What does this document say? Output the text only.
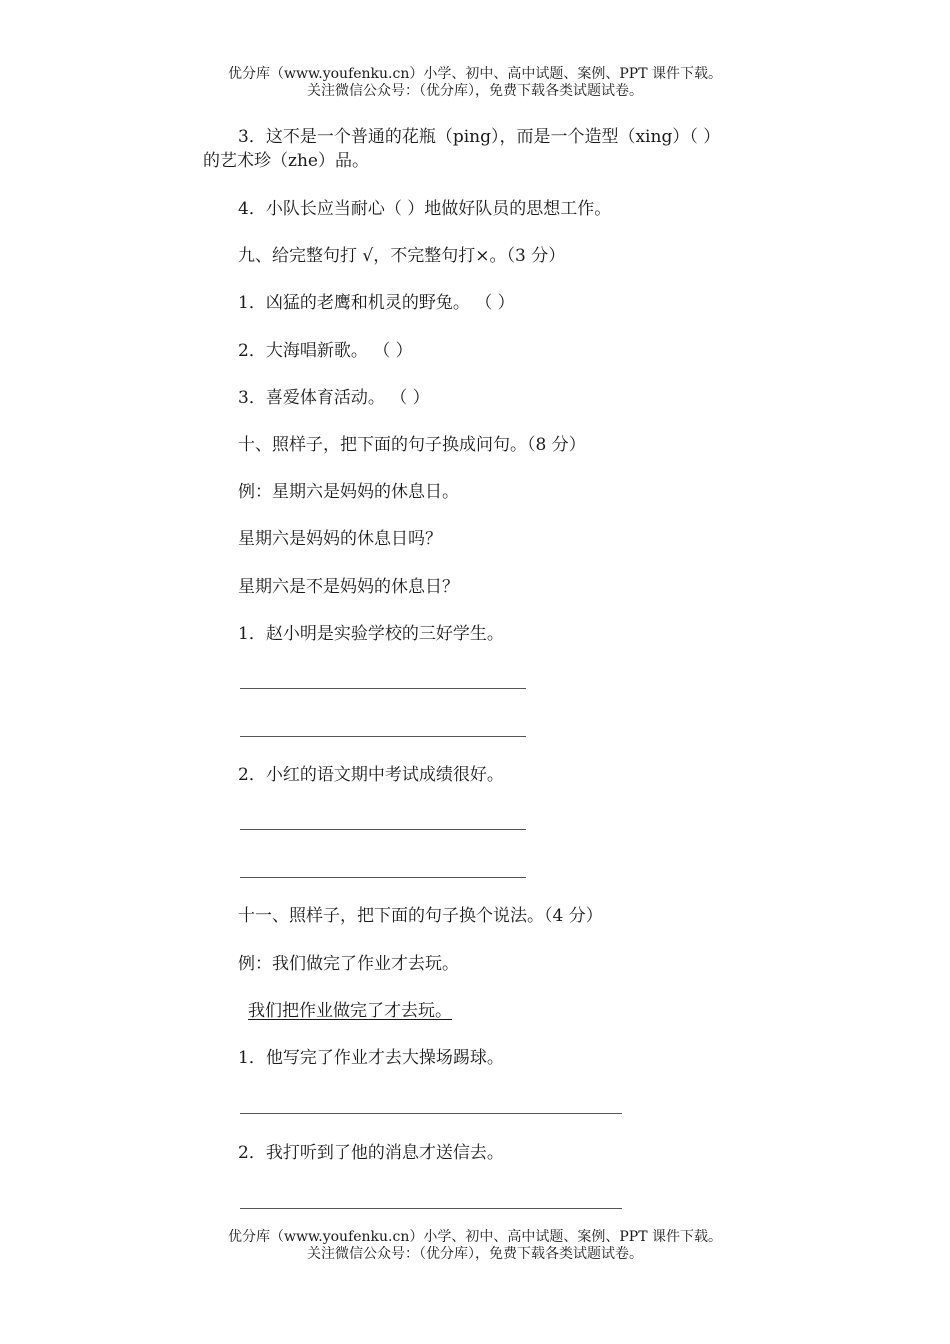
优分库（www.youfenku.cn）小学、初中、高中试题、案例、PPT 课件下载。
关注微信公众号：（优分库），免费下载各类试题试卷。
3．这不是一个普通的花瓶（ping），而是一个造型（xing）（ ）
的艺术珍（zhe）品。
4．小队长应当耐心（ ）地做好队员的思想工作。
九、给完整句打 √，不完整句打×。（3 分）
1．凶猛的老鹰和机灵的野兔。 （ ）
2．大海唱新歌。 （ ）
3．喜爱体育活动。 （ ）
十、照样子，把下面的句子换成问句。（8 分）
例：星期六是妈妈的休息日。
星期六是妈妈的休息日吗？
星期六是不是妈妈的休息日？
1．赵小明是实验学校的三好学生。
2．小红的语文期中考试成绩很好。
十一、照样子，把下面的句子换个说法。（4 分）
例：我们做完了作业才去玩。
我们把作业做完了才去玩。
1．他写完了作业才去大操场踢球。
2．我打听到了他的消息才送信去。
优分库（www.youfenku.cn）小学、初中、高中试题、案例、PPT 课件下载。
关注微信公众号：（优分库），免费下载各类试题试卷。
